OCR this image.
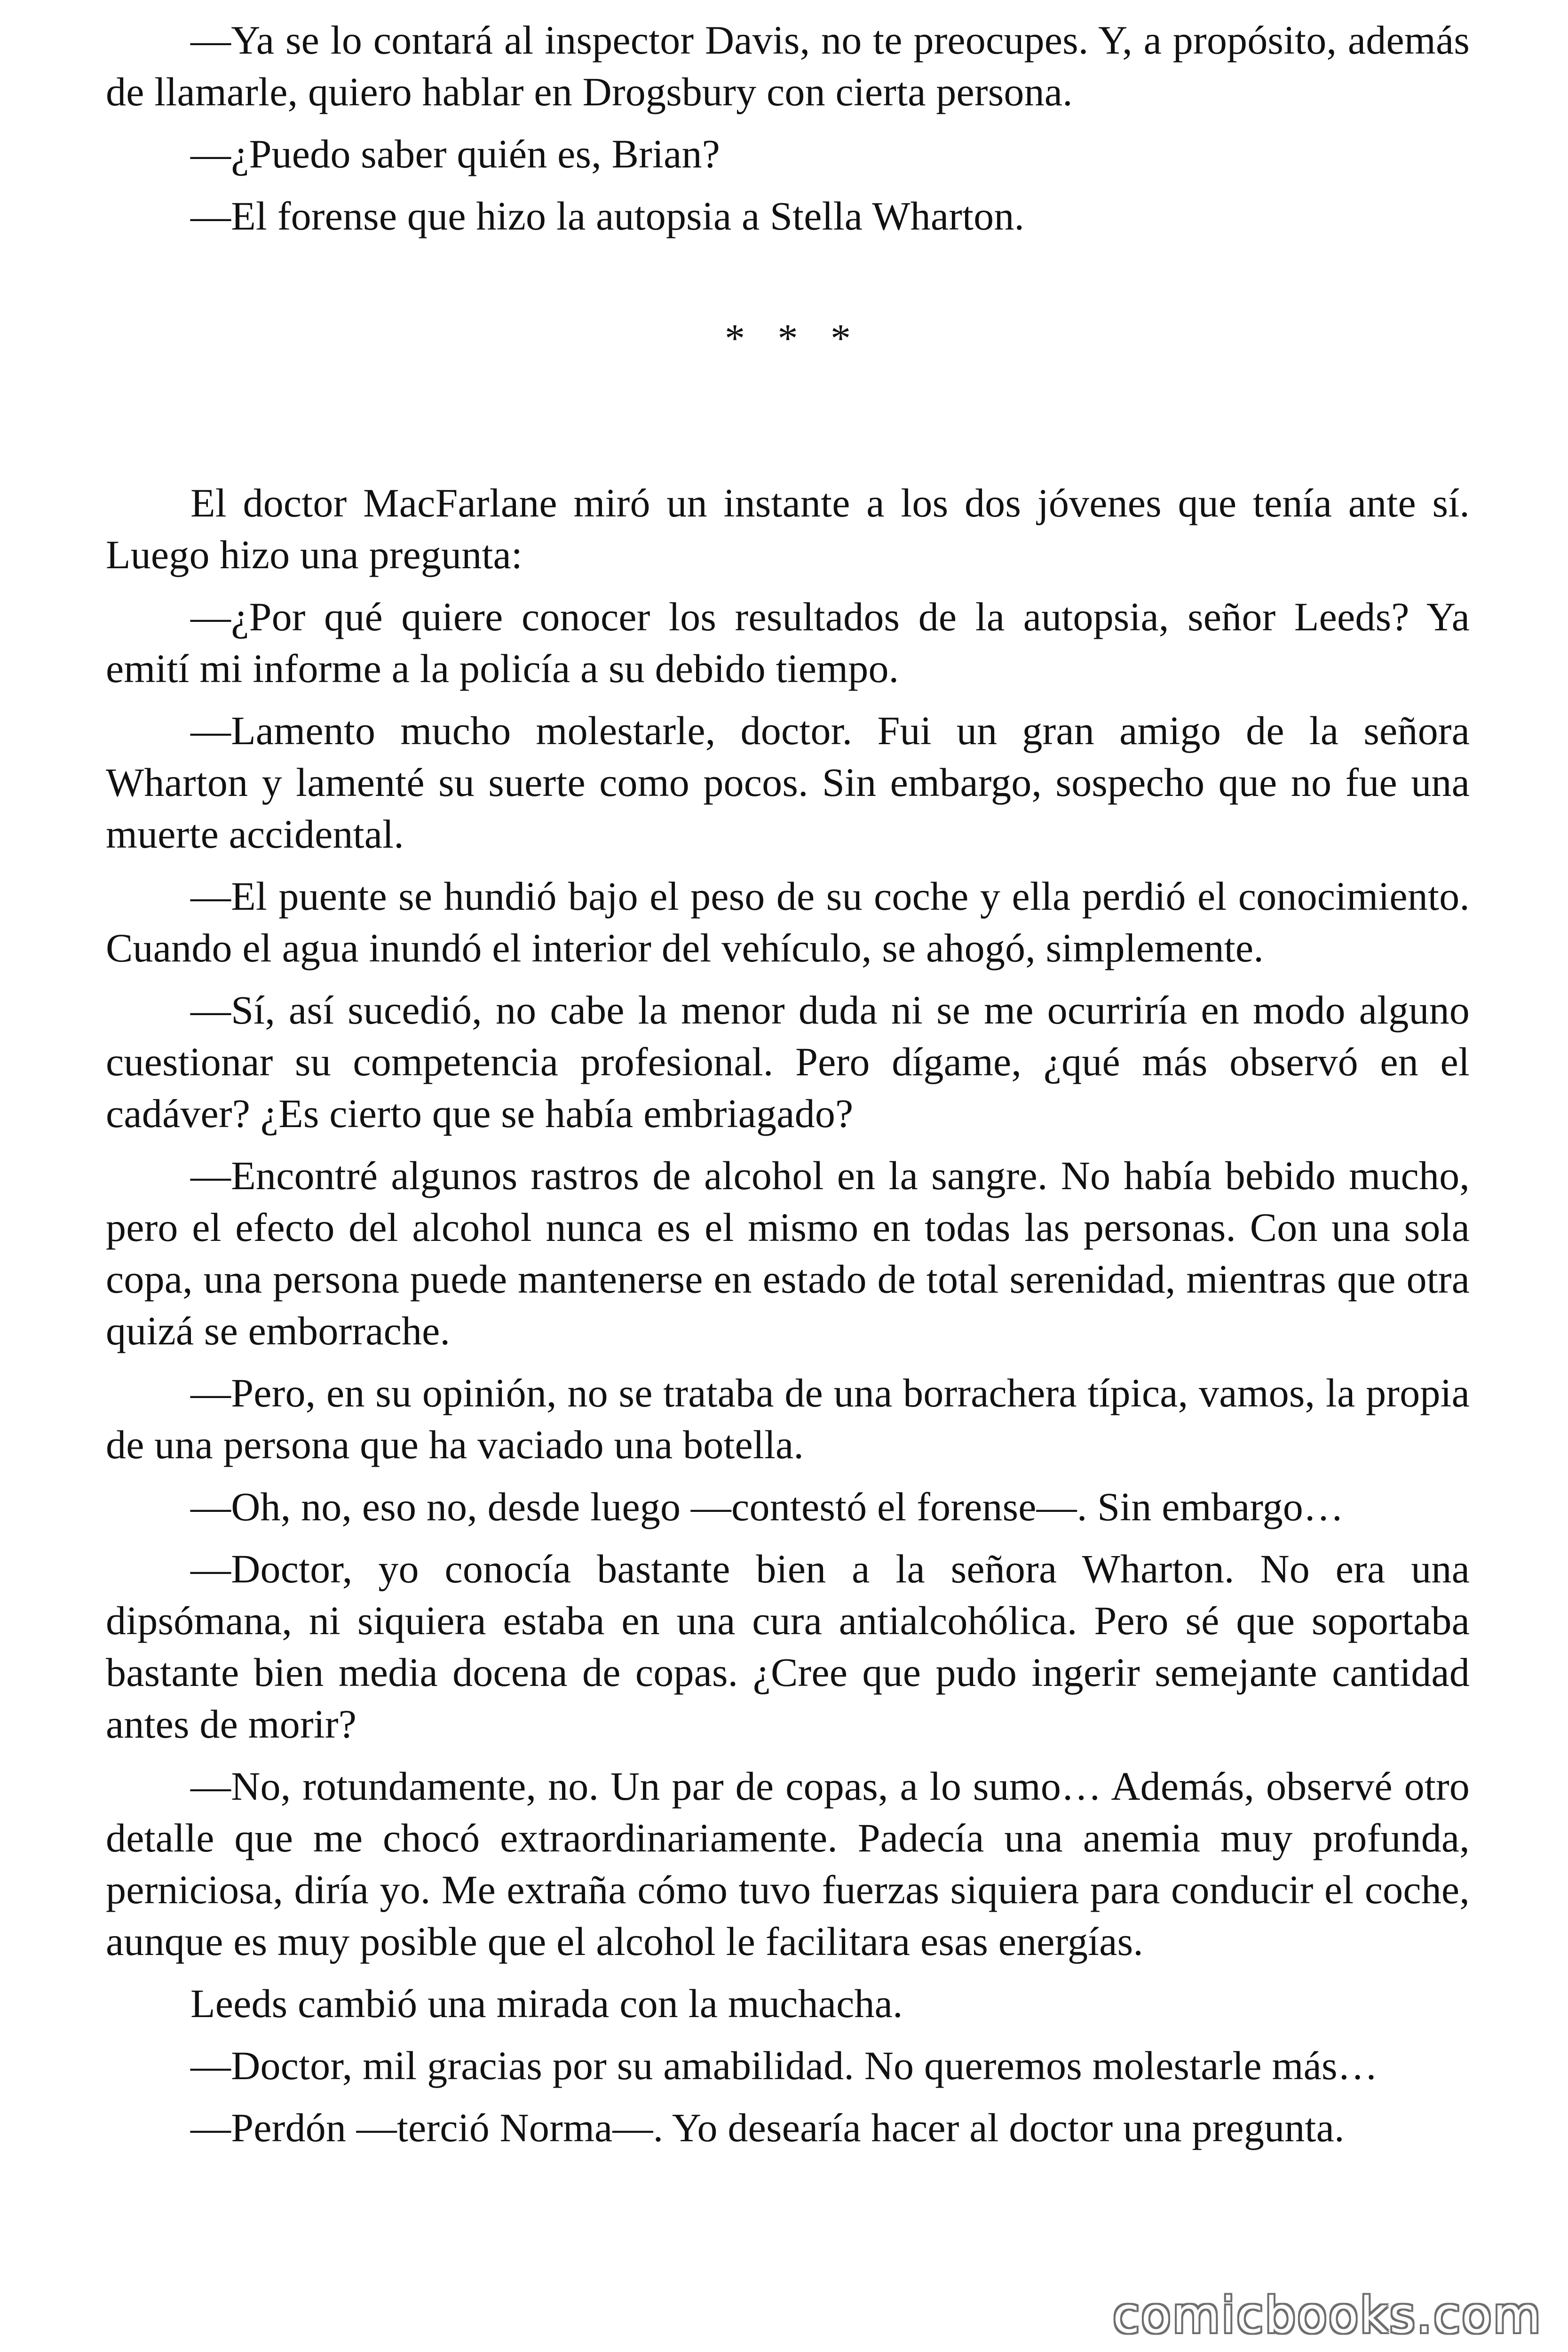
—Ya se lo contará al inspector Davis, no te preocupes. Y, a propósito, además de llamarle, quiero hablar en Drogsbury con cierta persona.

—¿Puedo saber quién es, Brian?

—El forense que hizo la autopsia a Stella Wharton.

* * *

El doctor MacFarlane miró un instante a los dos jóvenes que tenía ante sí. Luego hizo una pregunta:

—¿Por qué quiere conocer los resultados de la autopsia, señor Leeds? Ya emití mi informe a la policía a su debido tiempo.

—Lamento mucho molestarle, doctor. Fui un gran amigo de la señora Wharton y lamenté su suerte como pocos. Sin embargo, sospecho que no fue una muerte accidental.

—El puente se hundió bajo el peso de su coche y ella perdió el conocimiento. Cuando el agua inundó el interior del vehículo, se ahogó, simplemente.

—Sí, así sucedió, no cabe la menor duda ni se me ocurriría en modo alguno cuestionar su competencia profesional. Pero dígame, ¿qué más observó en el cadáver? ¿Es cierto que se había embriagado?

—Encontré algunos rastros de alcohol en la sangre. No había bebido mucho, pero el efecto del alcohol nunca es el mismo en todas las personas. Con una sola copa, una persona puede mantenerse en estado de total serenidad, mientras que otra quizá se emborrache.

—Pero, en su opinión, no se trataba de una borrachera típica, vamos, la propia de una persona que ha vaciado una botella.

—Oh, no, eso no, desde luego —contestó el forense—. Sin embargo…

—Doctor, yo conocía bastante bien a la señora Wharton. No era una dipsómana, ni siquiera estaba en una cura antialcohólica. Pero sé que soportaba bastante bien media docena de copas. ¿Cree que pudo ingerir semejante cantidad antes de morir?

—No, rotundamente, no. Un par de copas, a lo sumo… Además, observé otro detalle que me chocó extraordinariamente. Padecía una anemia muy profunda, perniciosa, diría yo. Me extraña cómo tuvo fuerzas siquiera para conducir el coche, aunque es muy posible que el alcohol le facilitara esas energías.

Leeds cambió una mirada con la muchacha.

—Doctor, mil gracias por su amabilidad. No queremos molestarle más…

—Perdón —terció Norma—. Yo desearía hacer al doctor una pregunta.

comicbooks.com
